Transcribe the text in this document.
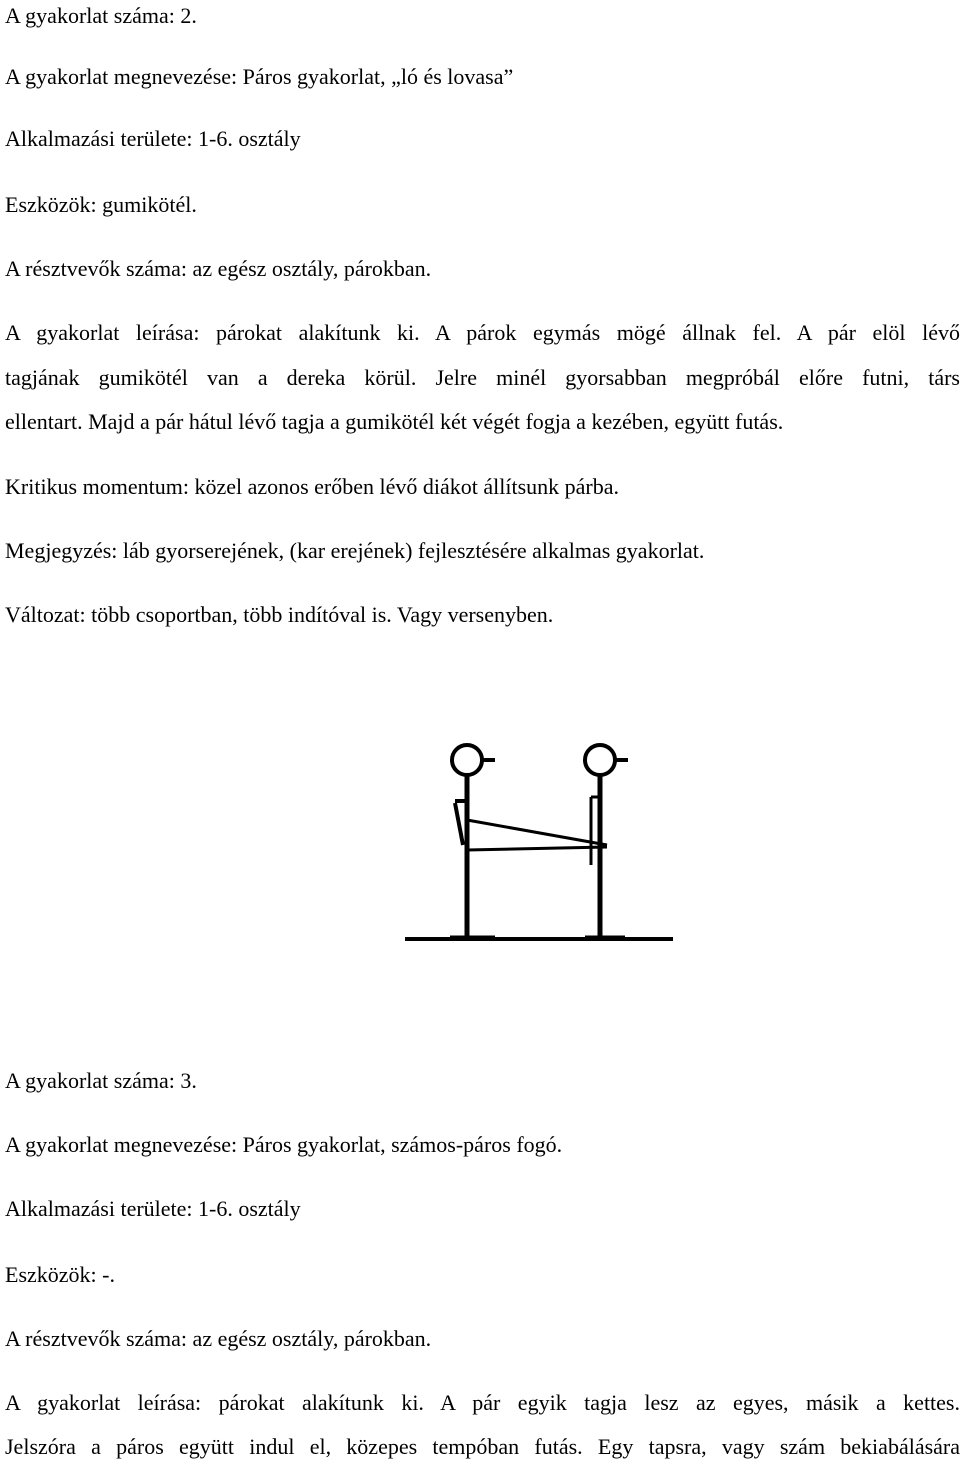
A gyakorlat száma: 2.
A gyakorlat megnevezése: Páros gyakorlat, „ló és lovasa”
Alkalmazási területe: 1-6. osztály
Eszközök: gumikötél.
A résztvevők száma: az egész osztály, párokban.
A gyakorlat leírása: párokat alakítunk ki. A párok egymás mögé állnak fel. A pár elöl lévő
tagjának gumikötél van a dereka körül. Jelre minél gyorsabban megpróbál előre futni, társ
ellentart. Majd a pár hátul lévő tagja a gumikötél két végét fogja a kezében, együtt futás.
Kritikus momentum: közel azonos erőben lévő diákot állítsunk párba.
Megjegyzés: láb gyorserejének, (kar erejének) fejlesztésére alkalmas gyakorlat.
Változat: több csoportban, több indítóval is. Vagy versenyben.
A gyakorlat száma: 3.
A gyakorlat megnevezése: Páros gyakorlat, számos-páros fogó.
Alkalmazási területe: 1-6. osztály
Eszközök: -.
A résztvevők száma: az egész osztály, párokban.
A gyakorlat leírása: párokat alakítunk ki. A pár egyik tagja lesz az egyes, másik a kettes.
Jelszóra a páros együtt indul el, közepes tempóban futás. Egy tapsra, vagy szám bekiabálására
